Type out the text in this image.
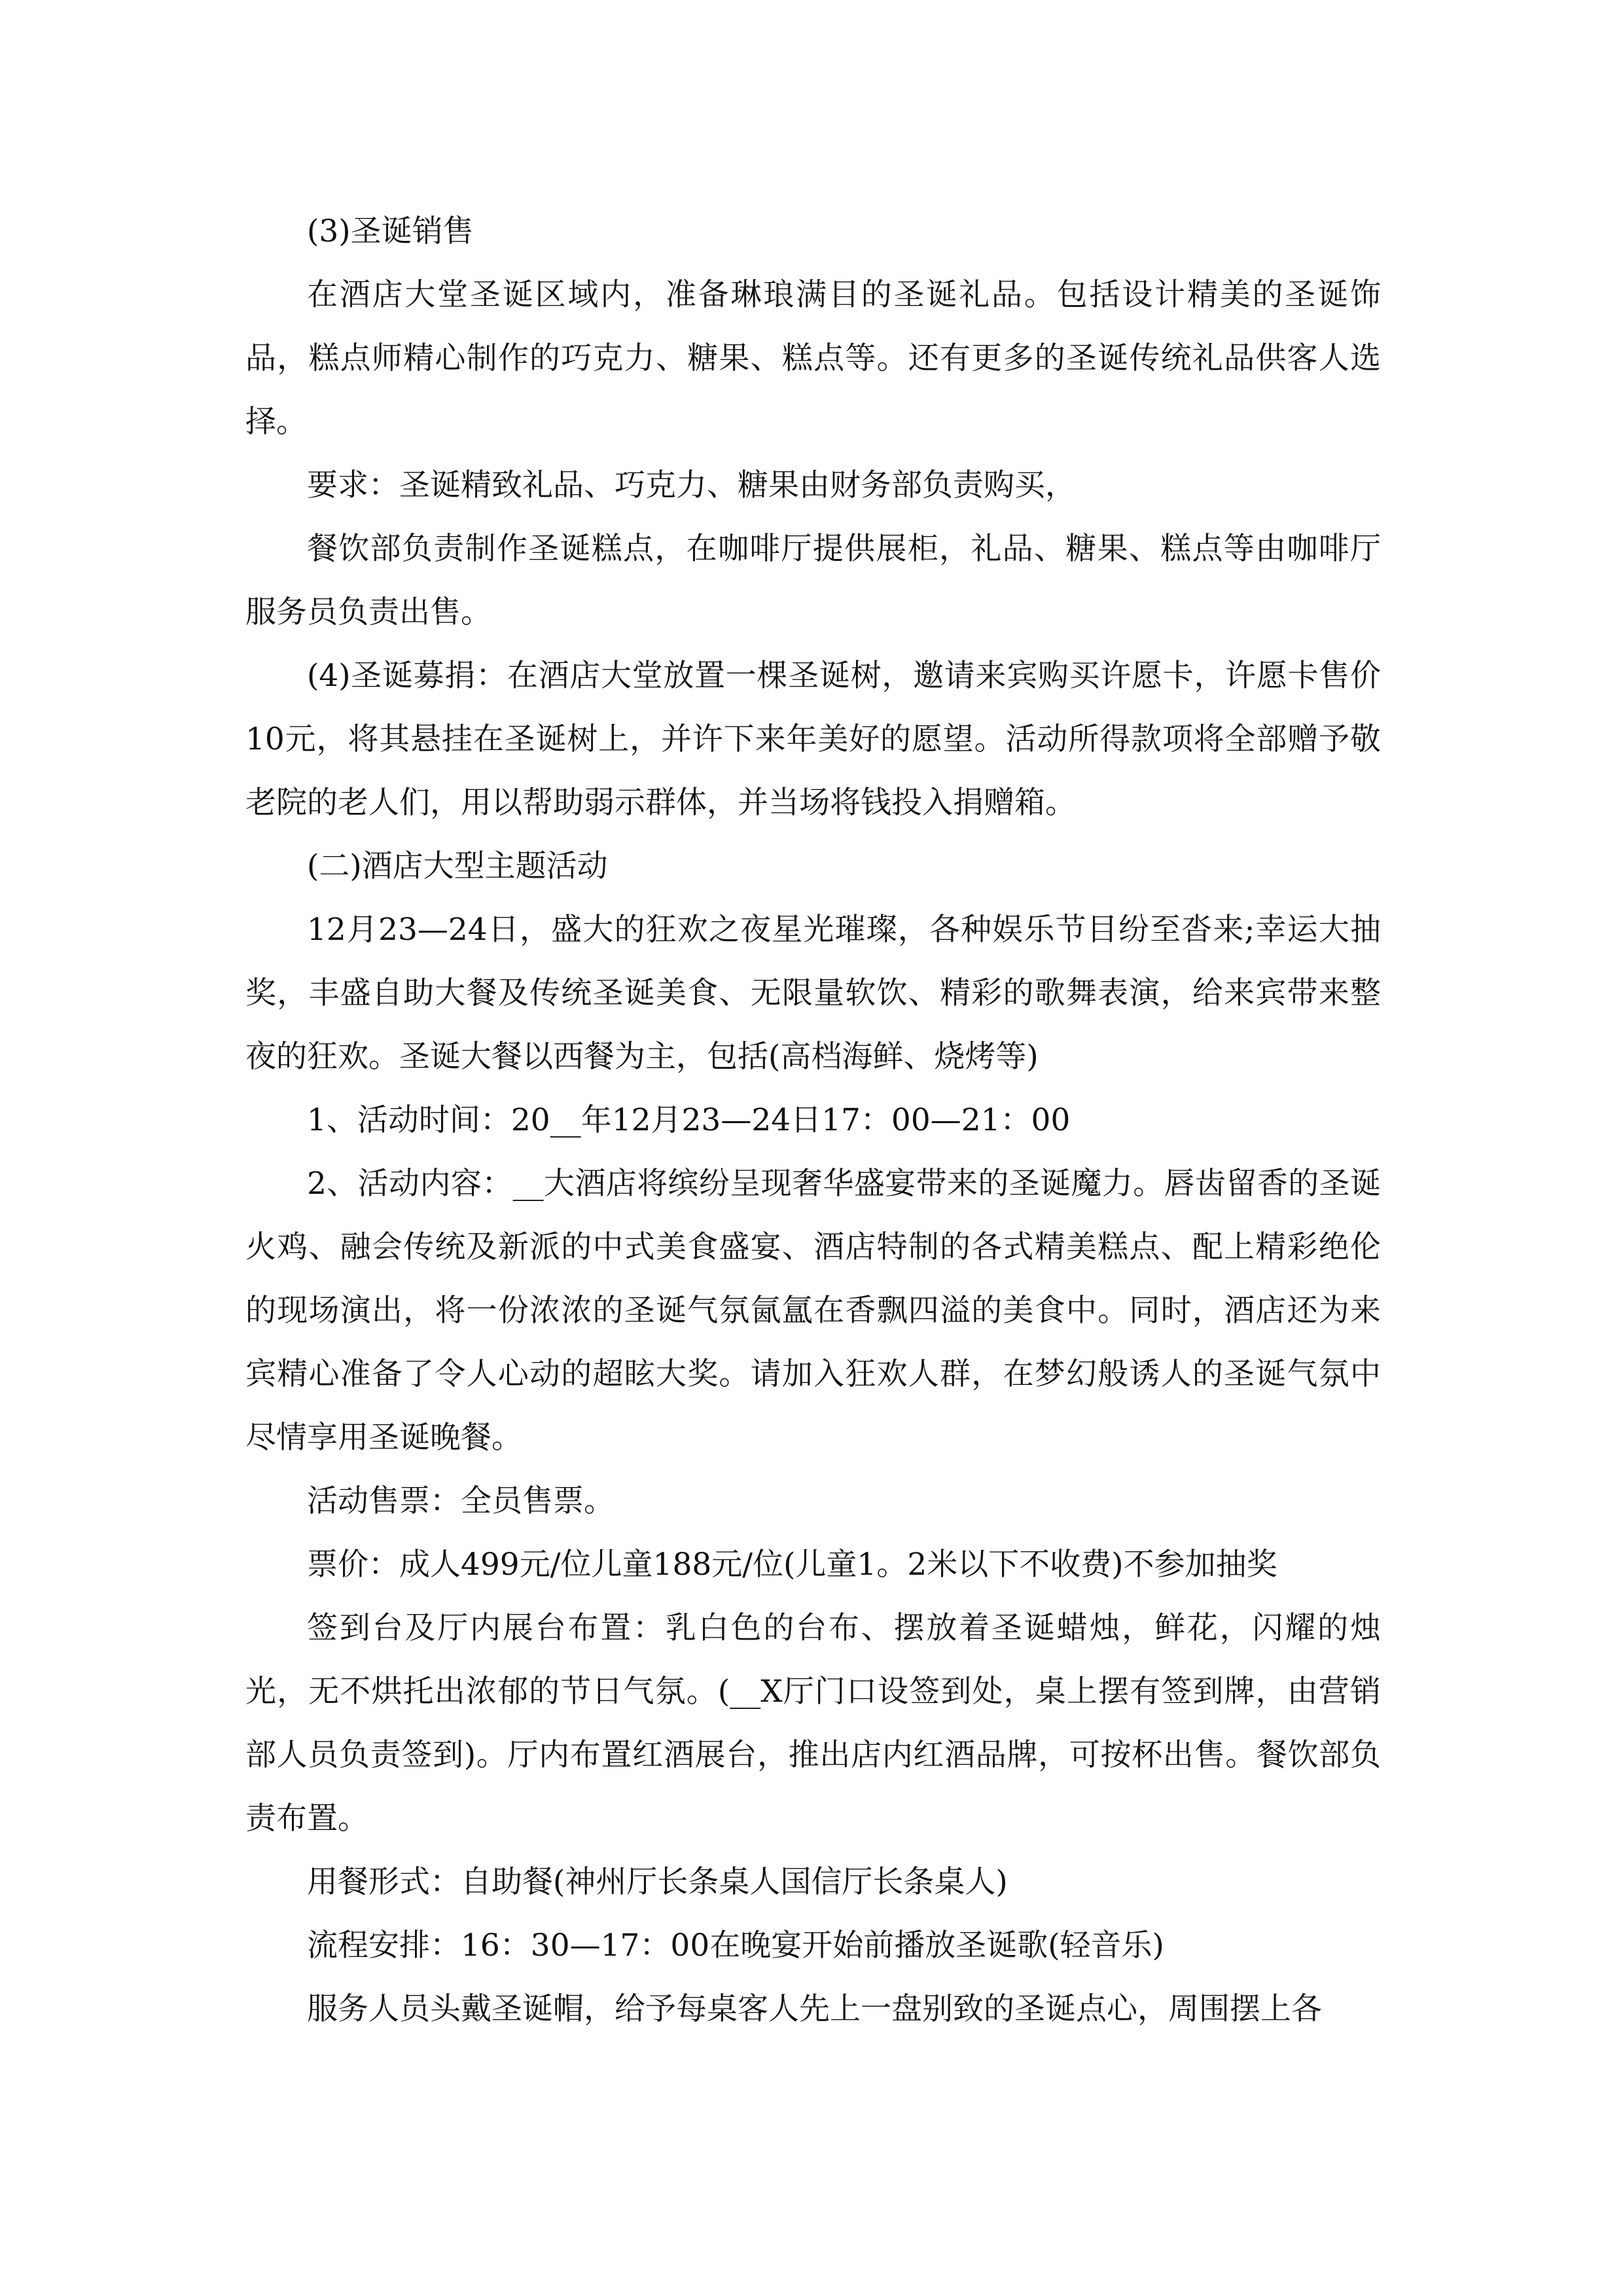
(3)圣诞销售

在酒店大堂圣诞区域内，准备琳琅满目的圣诞礼品。包括设计精美的圣诞饰品，糕点师精心制作的巧克力、糖果、糕点等。还有更多的圣诞传统礼品供客人选择。

要求：圣诞精致礼品、巧克力、糖果由财务部负责购买，

餐饮部负责制作圣诞糕点，在咖啡厅提供展柜，礼品、糖果、糕点等由咖啡厅服务员负责出售。

(4)圣诞募捐：在酒店大堂放置一棵圣诞树，邀请来宾购买许愿卡，许愿卡售价10元，将其悬挂在圣诞树上，并许下来年美好的愿望。活动所得款项将全部赠予敬老院的老人们，用以帮助弱示群体，并当场将钱投入捐赠箱。

(二)酒店大型主题活动

12月23—24日，盛大的狂欢之夜星光璀璨，各种娱乐节目纷至沓来;幸运大抽奖，丰盛自助大餐及传统圣诞美食、无限量软饮、精彩的歌舞表演，给来宾带来整夜的狂欢。圣诞大餐以西餐为主，包括(高档海鲜、烧烤等)

1、活动时间：20__年12月23—24日17：00—21：00

2、活动内容：__大酒店将缤纷呈现奢华盛宴带来的圣诞魔力。唇齿留香的圣诞火鸡、融会传统及新派的中式美食盛宴、酒店特制的各式精美糕点、配上精彩绝伦的现场演出，将一份浓浓的圣诞气氛氤氲在香飘四溢的美食中。同时，酒店还为来宾精心准备了令人心动的超眩大奖。请加入狂欢人群，在梦幻般诱人的圣诞气氛中尽情享用圣诞晚餐。

活动售票：全员售票。

票价：成人499元/位儿童188元/位(儿童1。2米以下不收费)不参加抽奖

签到台及厅内展台布置：乳白色的台布、摆放着圣诞蜡烛，鲜花，闪耀的烛光，无不烘托出浓郁的节日气氛。(__X厅门口设签到处，桌上摆有签到牌，由营销部人员负责签到)。厅内布置红酒展台，推出店内红酒品牌，可按杯出售。餐饮部负责布置。

用餐形式：自助餐(神州厅长条桌人国信厅长条桌人)

流程安排：16：30—17：00在晚宴开始前播放圣诞歌(轻音乐)

服务人员头戴圣诞帽，给予每桌客人先上一盘别致的圣诞点心，周围摆上各
